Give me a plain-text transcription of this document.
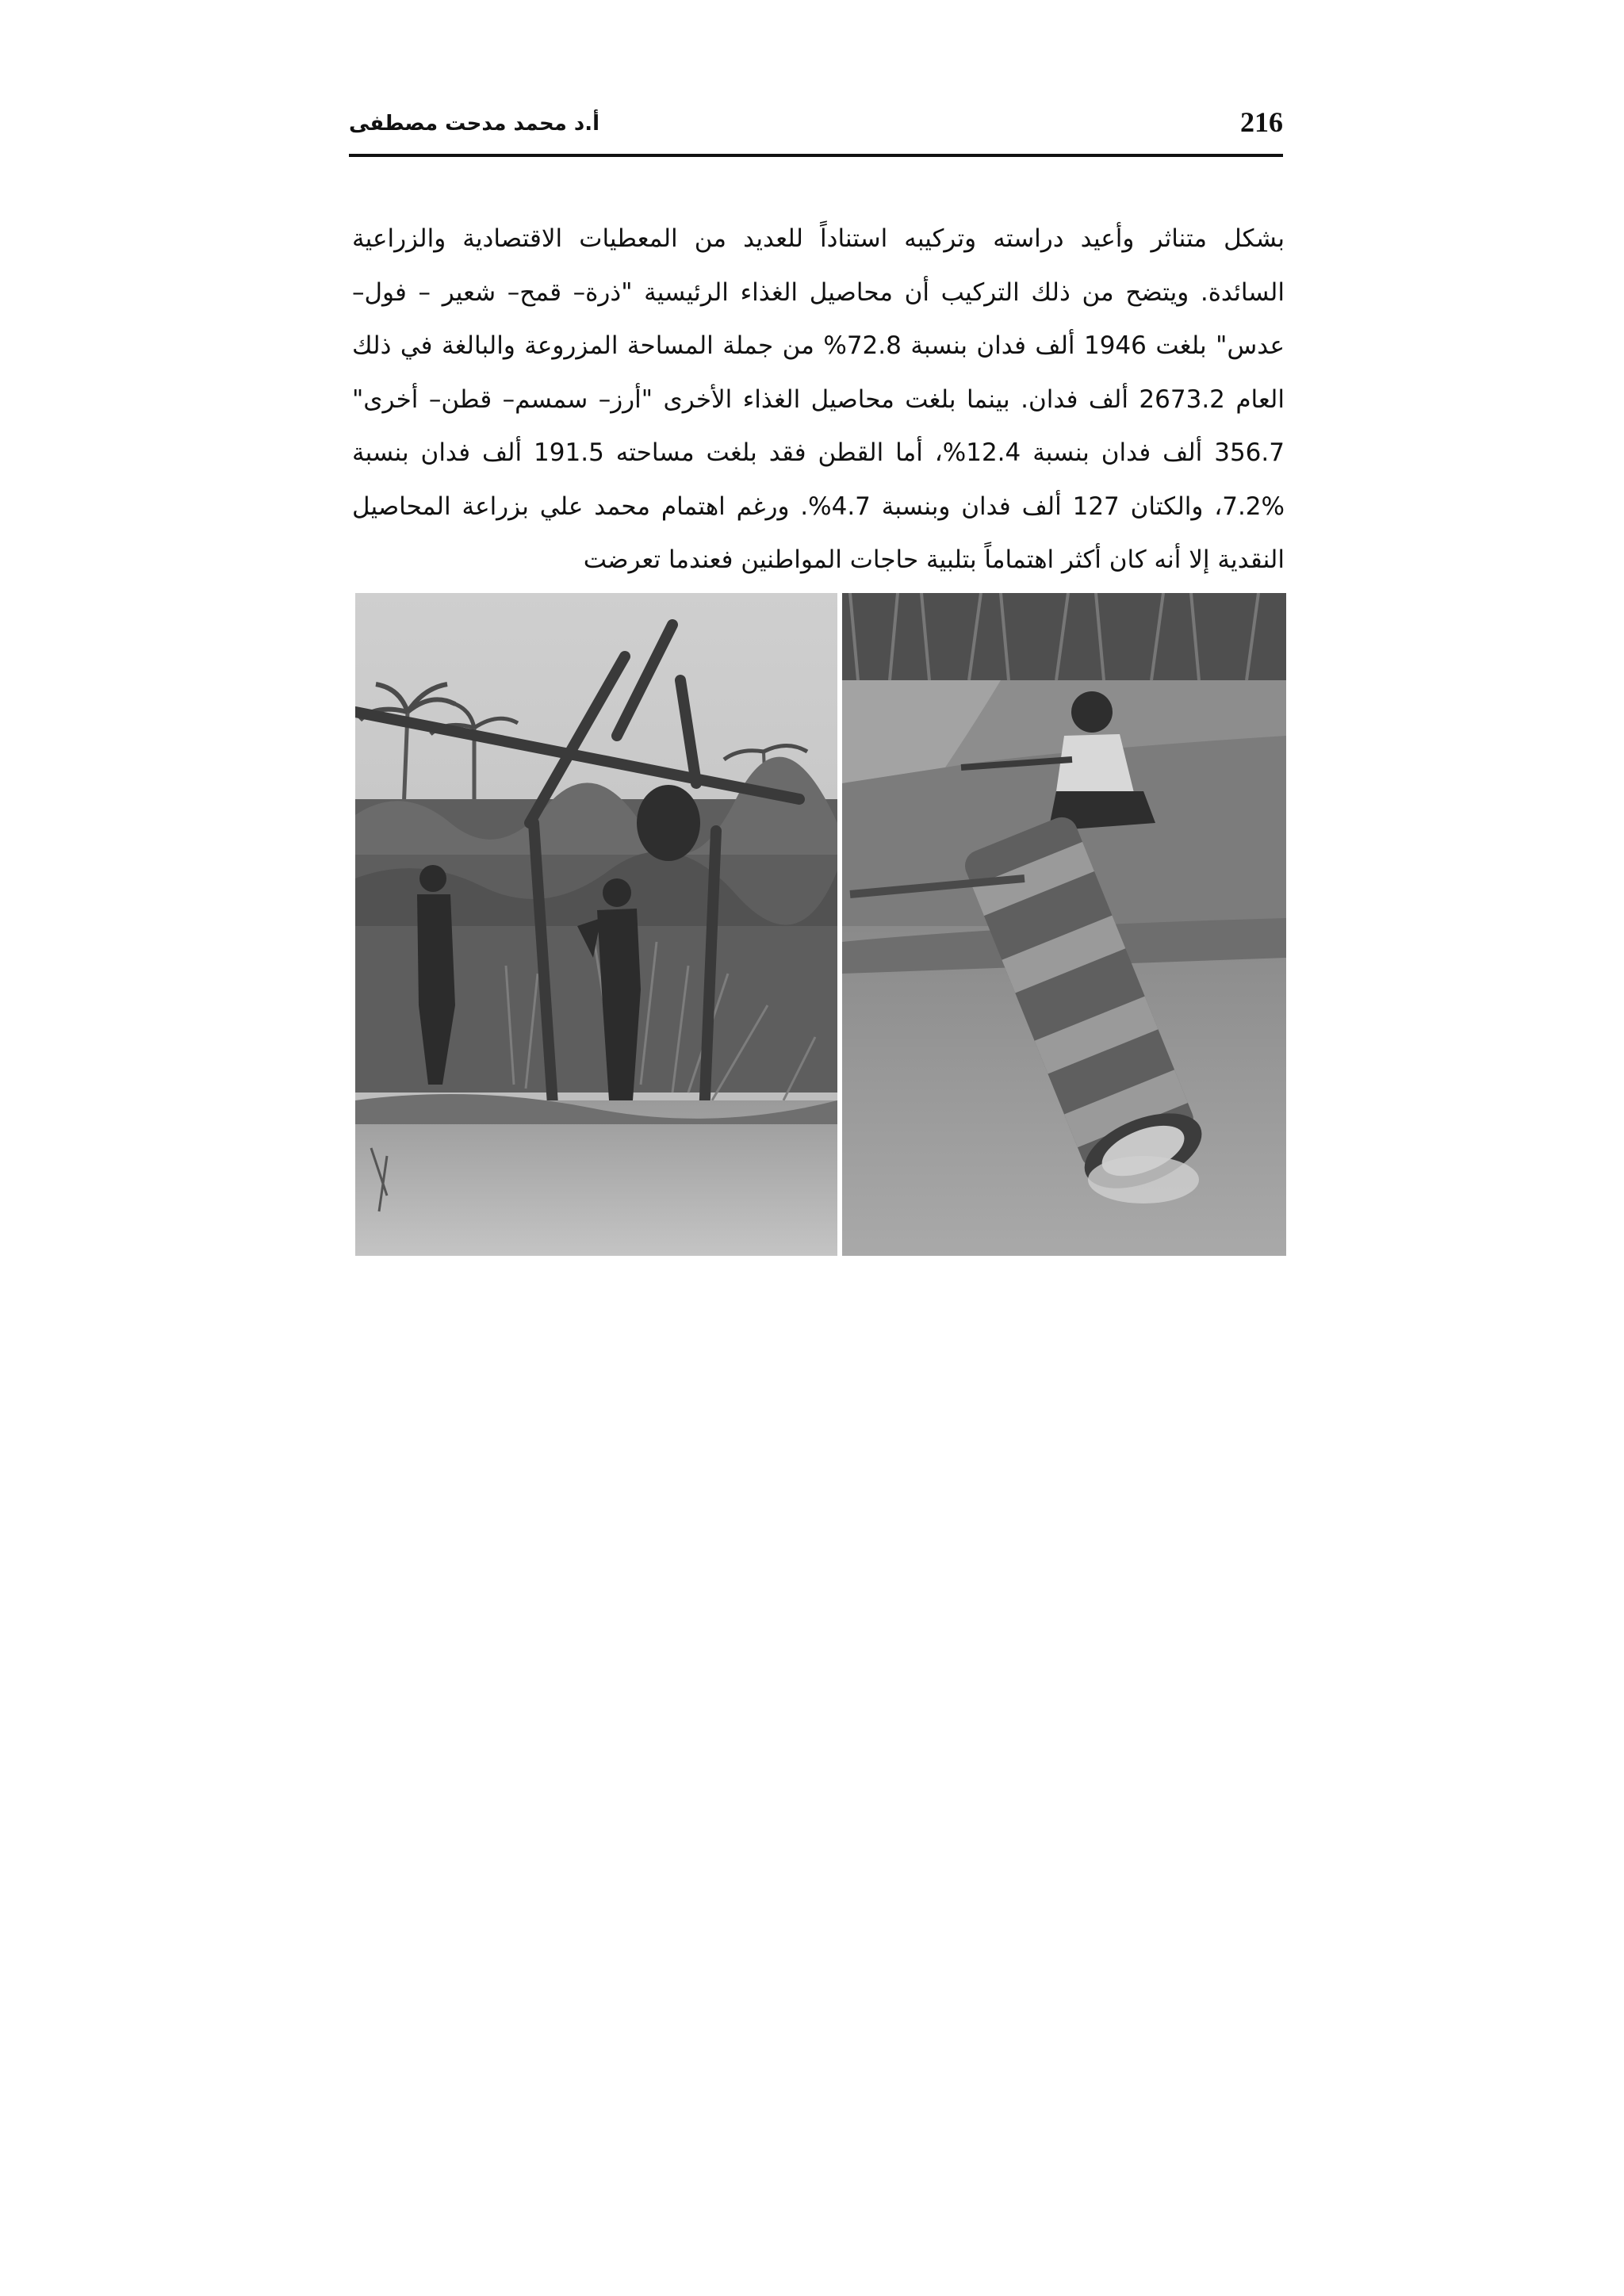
216
أ.د محمد مدحت مصطفى
بشكل متناثر وأعيد دراسته وتركيبه استناداً للعديد من المعطيات الاقتصادية والزراعية
السائدة. ويتضح من ذلك التركيب أن محاصيل الغذاء الرئيسية "ذرة– قمح– شعير – فول–
عدس" بلغت 1946 ألف فدان بنسبة 72.8% من جملة المساحة المزروعة والبالغة في ذلك
العام 2673.2 ألف فدان. بينما بلغت محاصيل الغذاء الأخرى "أرز– سمسم– قطن– أخرى"
356.7 ألف فدان بنسبة 12.4%، أما القطن فقد بلغت مساحته 191.5 ألف فدان بنسبة
7.2%، والكتان 127 ألف فدان وبنسبة 4.7%. ورغم اهتمام محمد علي بزراعة المحاصيل
النقدية إلا أنه كان أكثر اهتماماً بتلبية حاجات المواطنين فعندما تعرضت
